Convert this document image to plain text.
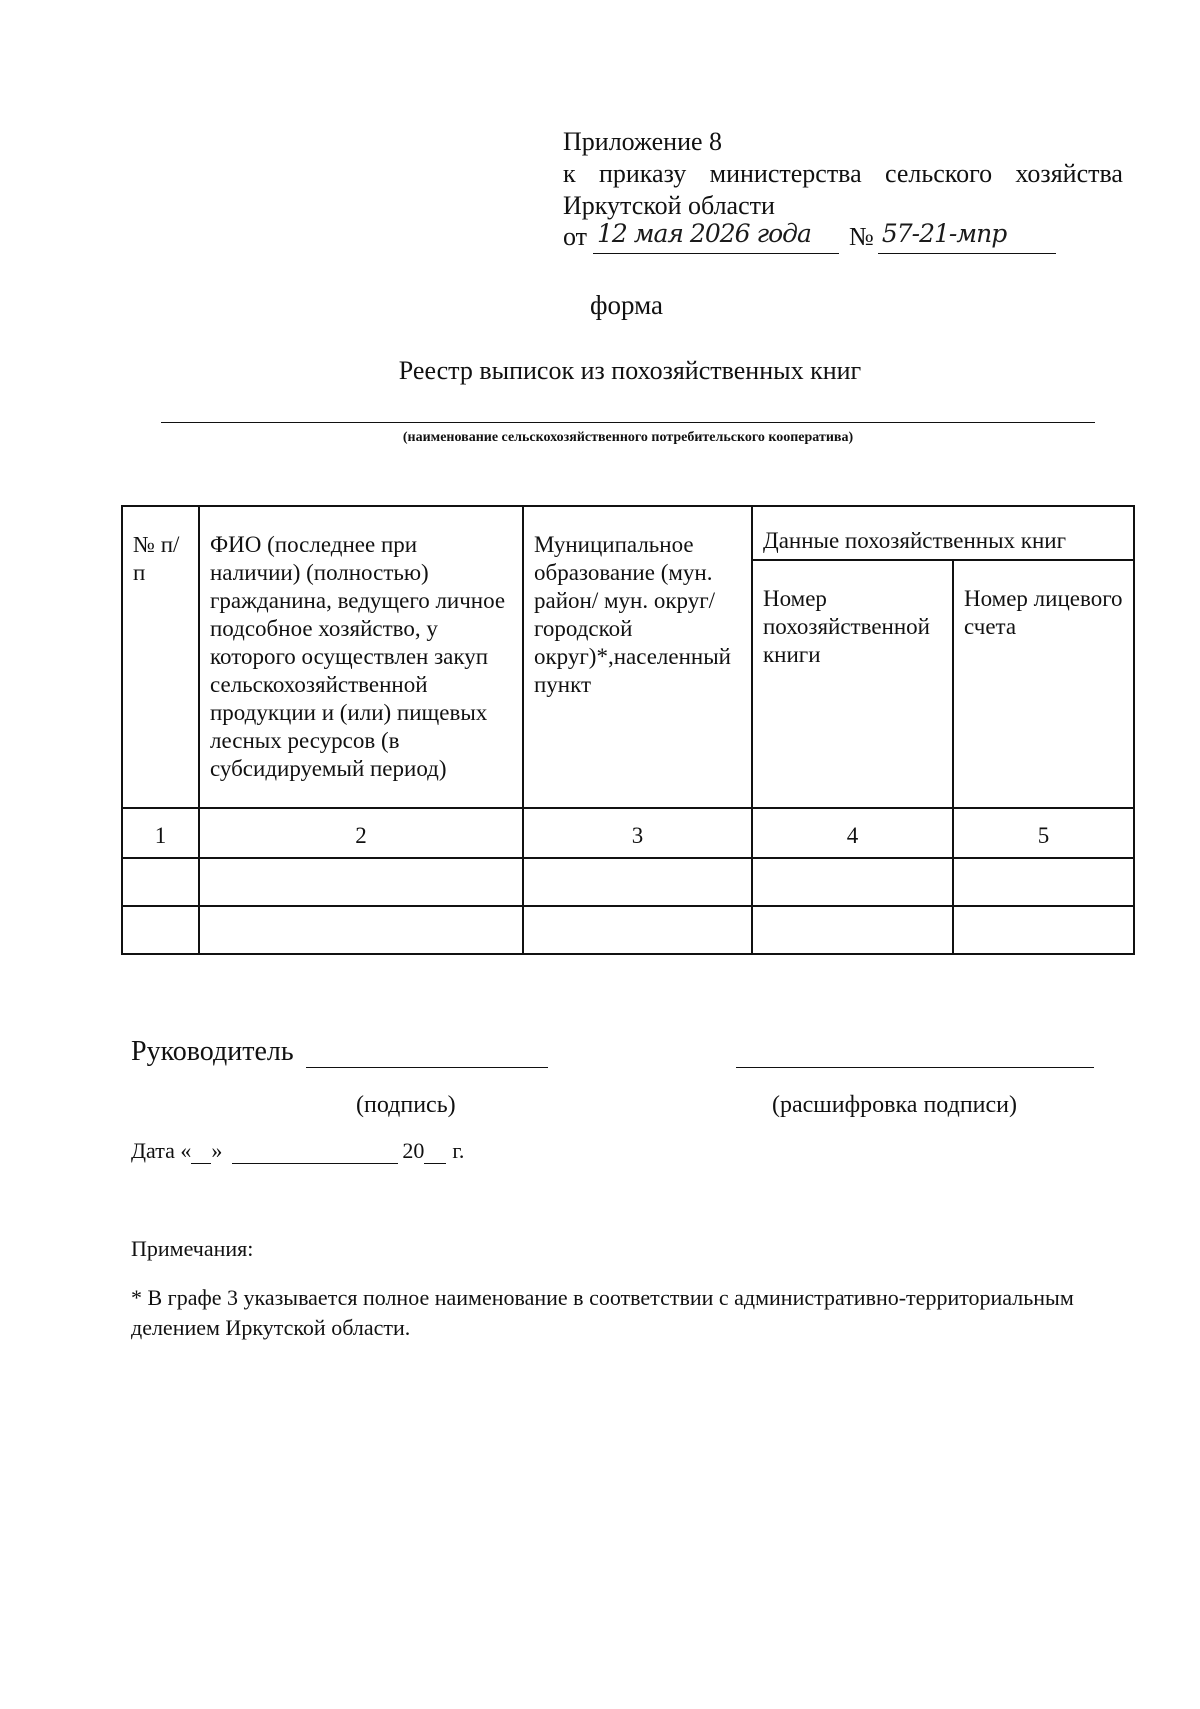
Приложение 8
к приказу министерства сельского хозяйства
Иркутской области
от 12 мая 2026 года № 57-21-мпр
форма
Реестр выписок из похозяйственных книг
(наименование сельскохозяйственного потребительского кооператива)
№ п/п	ФИО (последнее при наличии) (полностью) гражданина, ведущего личное подсобное хозяйство, у которого осуществлен закуп сельскохозяйственной продукции и (или) пищевых лесных ресурсов (в субсидируемый период)	Муниципальное образование (мун. район/ мун. округ/городской округ)*,населенный пункт	Данные похозяйственных книг	
			Номер похозяйственной книги	Номер лицевого счета
1	2	3	4	5

Руководитель
(подпись)	(расшифровка подписи)
Дата « »	20 г.
Примечания:
* В графе 3 указывается полное наименование в соответствии с административно-территориальным делением Иркутской области.
